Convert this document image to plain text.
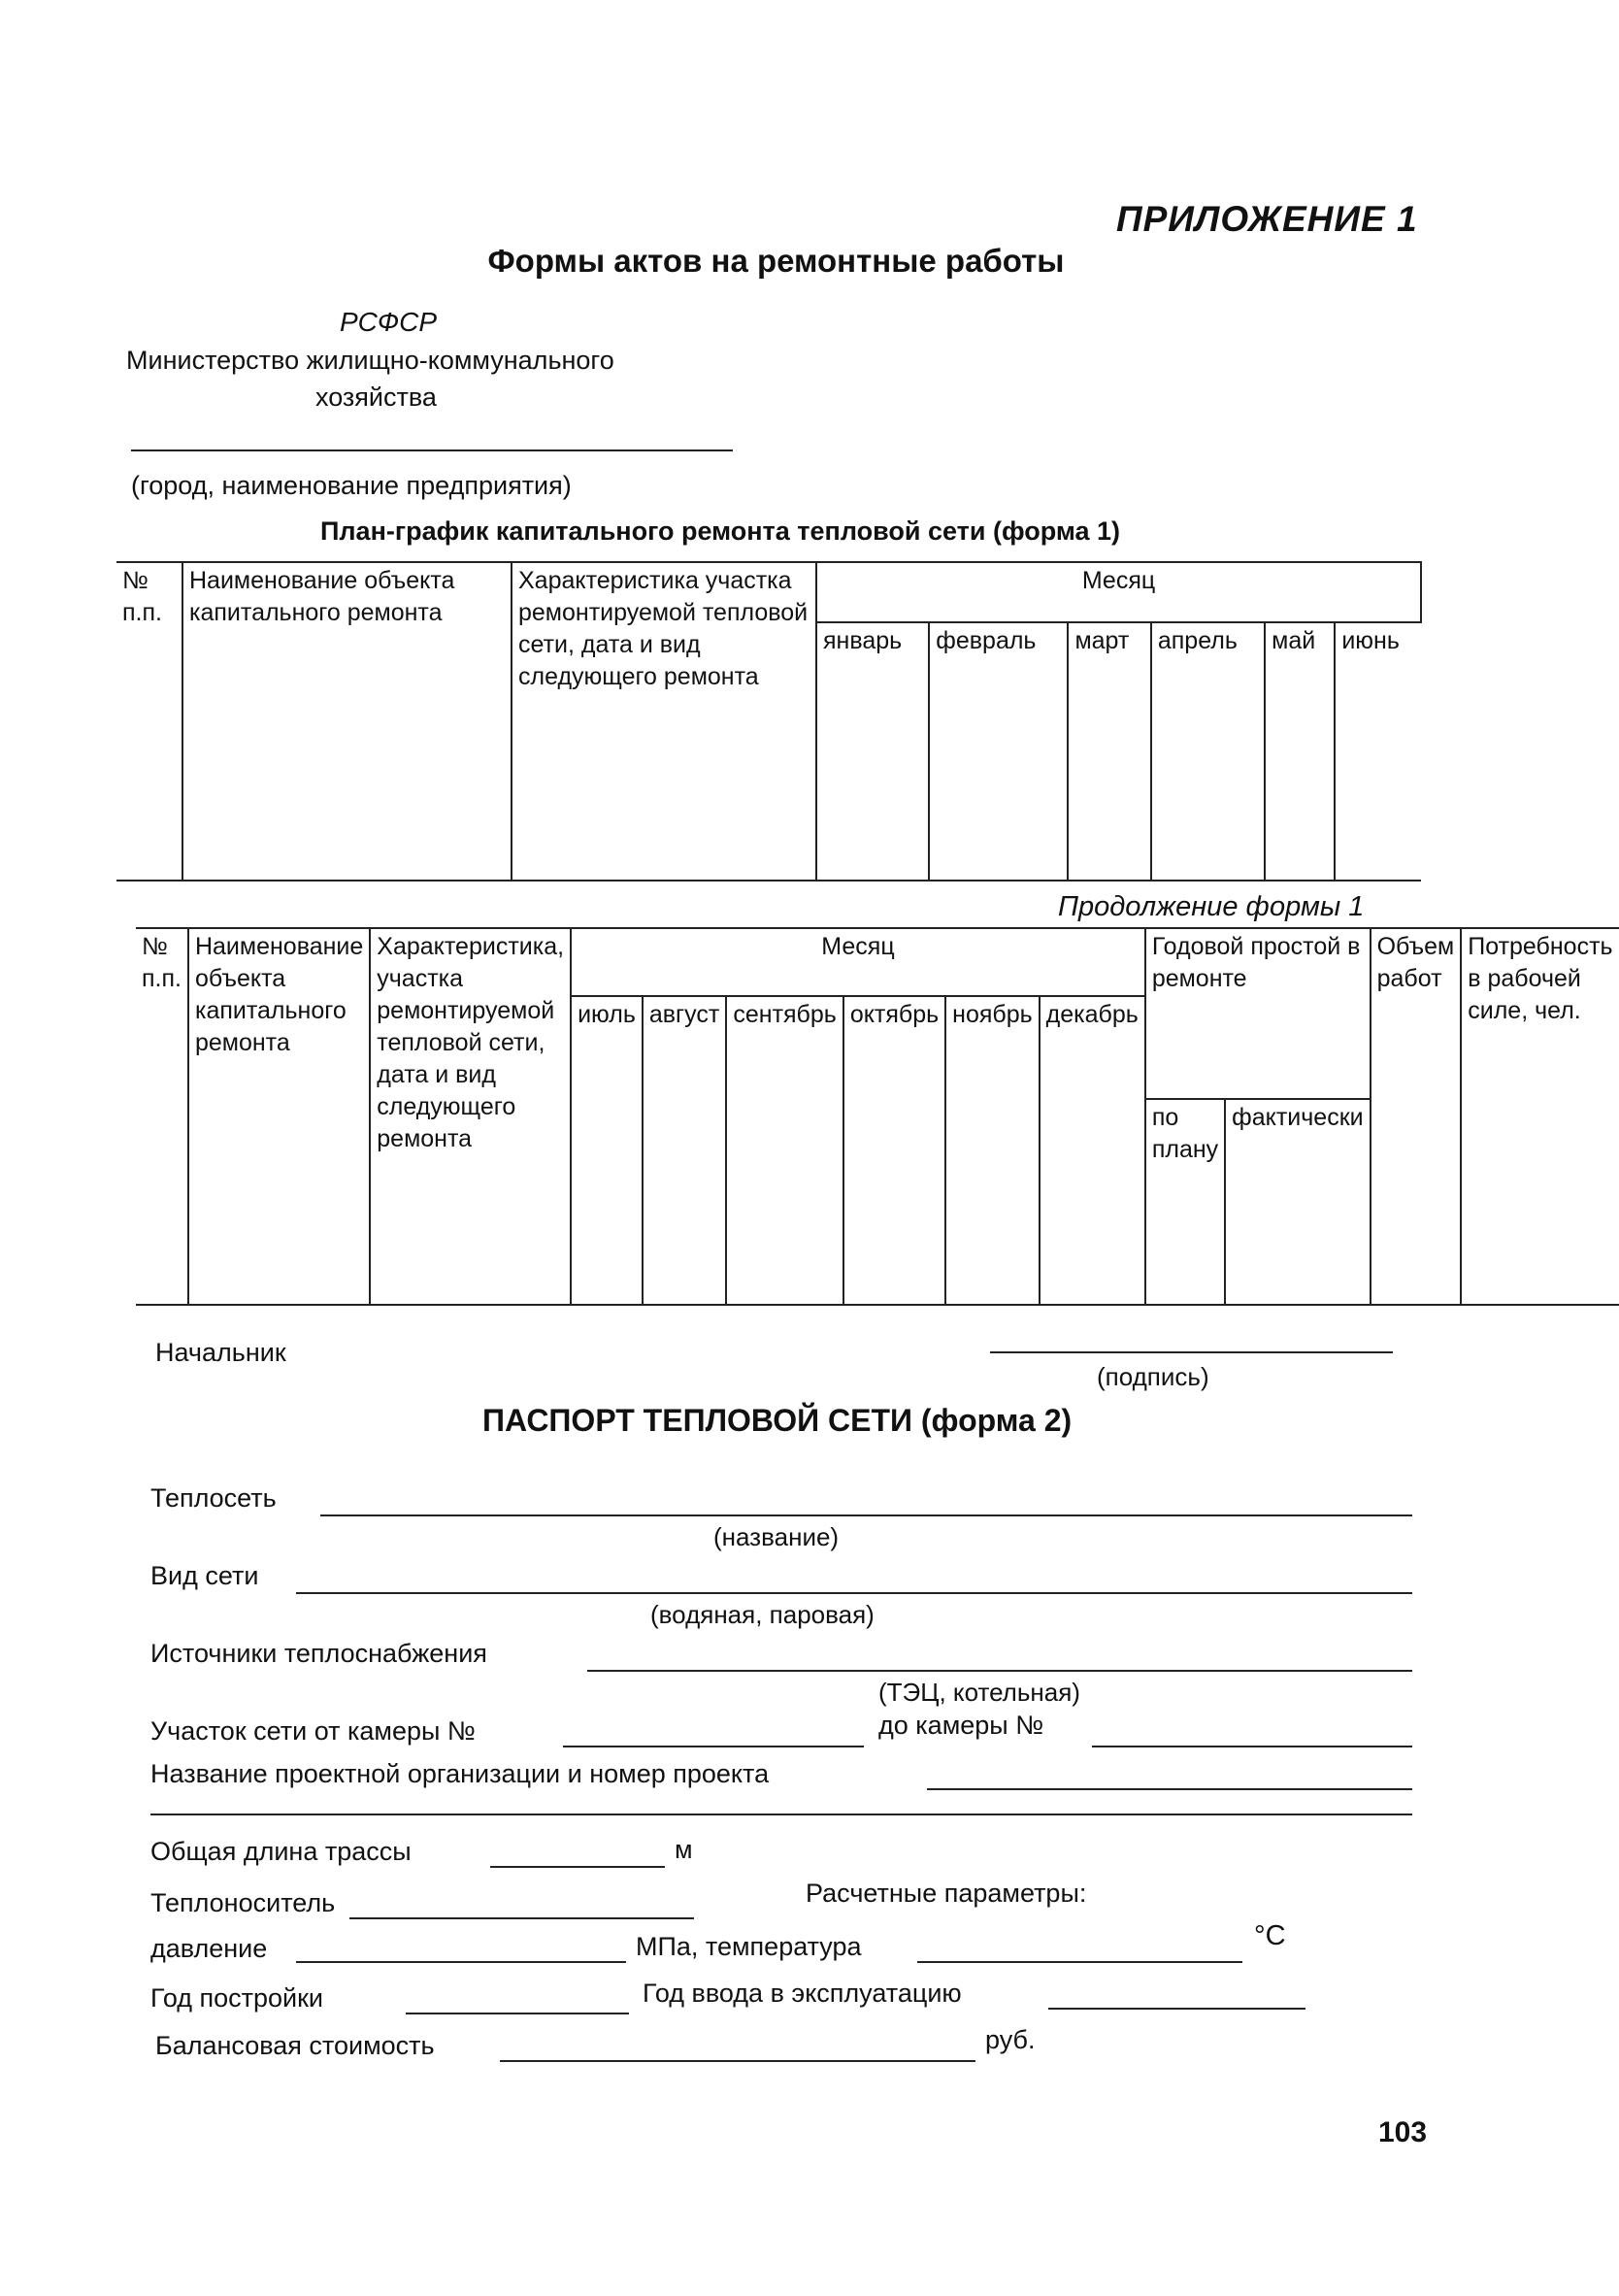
ПРИЛОЖЕНИЕ 1
Формы актов на ремонтные работы
РСФСР
Министерство жилищно-коммунального
хозяйства
(город, наименование предприятия)
План-график капитального ремонта тепловой сети (форма 1)
№ п.п.	Наименование объекта капитального ремонта	Характеристика участка ремонтируемой тепловой сети, дата и вид следующего ремонта	Месяц					
			январь	февраль	март	апрель	май	июнь
Продолжение формы 1
№ п.п.	Наименование объекта капитального ремонта	Характеристика, участка ремонтируемой тепловой сети, дата и вид следующего ремонта	Месяц						Годовой простой в ремонте		Объем работ	Потребность в рабочей силе, чел.
			июль	август	сентябрь	октябрь	ноябрь	декабрь				
									по плану	фактически		
Начальник
(подпись)
ПАСПОРТ ТЕПЛОВОЙ СЕТИ (форма 2)
Теплосеть
(название)
Вид сети
(водяная, паровая)
Источники теплоснабжения
(ТЭЦ, котельная)
Участок сети от камеры №	до камеры №
Название проектной организации и номер проекта
Общая длина трассы	м
Теплоноситель	Расчетные параметры:
давление	МПа, температура	°С
Год постройки	Год ввода в эксплуатацию
Балансовая стоимость	руб.
103
